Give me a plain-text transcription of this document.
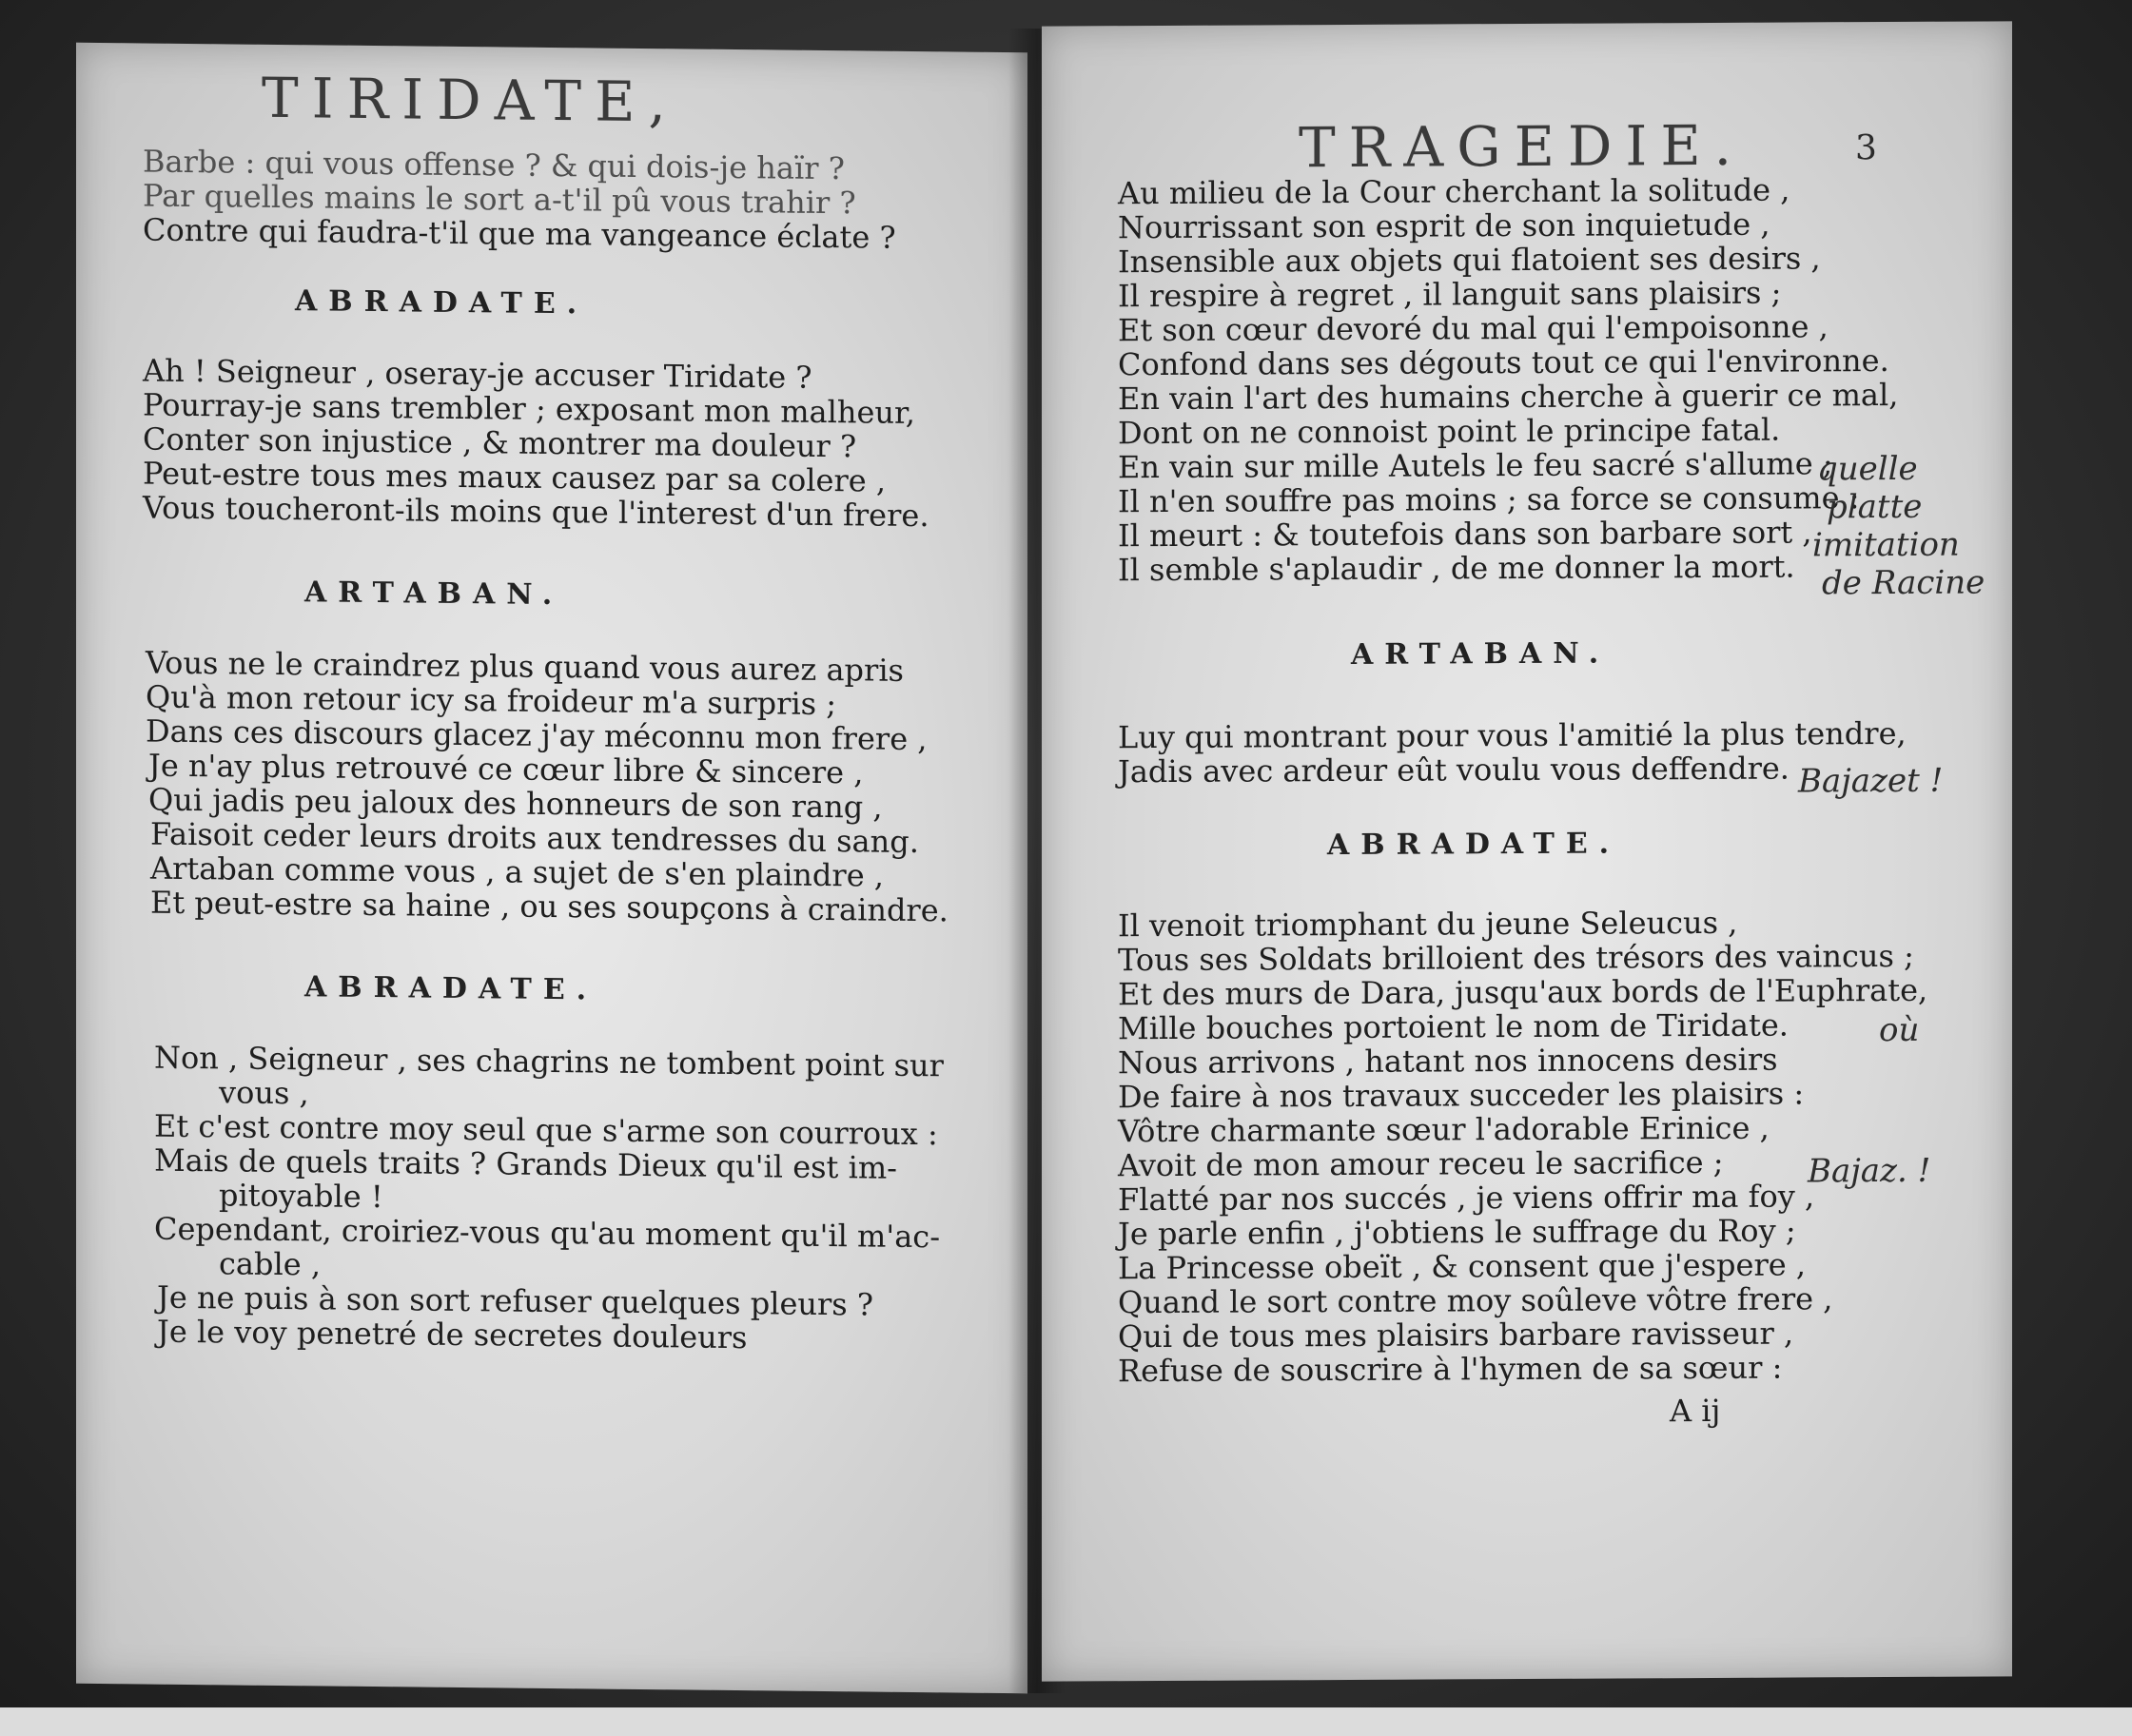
TIRIDATE,
Barbe : qui vous offense ? & qui dois-je haïr ?
Par quelles mains le sort a-t'il pû vous trahir ?
Contre qui faudra-t'il que ma vangeance éclate ?
ABRADATE.
Ah ! Seigneur , oseray-je accuser Tiridate ?
Pourray-je sans trembler ; exposant mon malheur,
Conter son injustice , & montrer ma douleur ?
Peut-estre tous mes maux causez par sa colere ,
Vous toucheront-ils moins que l'interest d'un frere.
ARTABAN.
Vous ne le craindrez plus quand vous aurez apris
Qu'à mon retour icy sa froideur m'a surpris ;
Dans ces discours glacez j'ay méconnu mon frere ,
Je n'ay plus retrouvé ce cœur libre & sincere ,
Qui jadis peu jaloux des honneurs de son rang ,
Faisoit ceder leurs droits aux tendresses du sang.
Artaban comme vous , a sujet de s'en plaindre ,
Et peut-estre sa haine , ou ses soupçons à craindre.
ABRADATE.
Non , Seigneur , ses chagrins ne tombent point sur
vous ,
Et c'est contre moy seul que s'arme son courroux :
Mais de quels traits ? Grands Dieux qu'il est im-
pitoyable !
Cependant, croiriez-vous qu'au moment qu'il m'ac-
cable ,
Je ne puis à son sort refuser quelques pleurs ?
Je le voy penetré de secretes douleurs
TRAGEDIE.	3
Au milieu de la Cour cherchant la solitude ,
Nourrissant son esprit de son inquietude ,
Insensible aux objets qui flatoient ses desirs ,
Il respire à regret , il languit sans plaisirs ;
Et son cœur devoré du mal qui l'empoisonne ,
Confond dans ses dégouts tout ce qui l'environne.
En vain l'art des humains cherche à guerir ce mal,
Dont on ne connoist point le principe fatal.
En vain sur mille Autels le feu sacré s'allume ;
Il n'en souffre pas moins ; sa force se consume :
Il meurt : & toutefois dans son barbare sort ,
Il semble s'aplaudir , de me donner la mort.
quelle
platte
imitation
de Racine
ARTABAN.
Luy qui montrant pour vous l'amitié la plus tendre,
Jadis avec ardeur eût voulu vous deffendre. Bajazet !
ABRADATE.
Il venoit triomphant du jeune Seleucus ,
Tous ses Soldats brilloient des trésors des vaincus ;
Et des murs de Dara, jusqu'aux bords de l'Euphrate,
Mille bouches portoient le nom de Tiridate.
Nous arrivons , hatant nos innocens desirs
De faire à nos travaux succeder les plaisirs :
Vôtre charmante sœur l'adorable Erinice ,
Avoit de mon amour receu le sacrifice ;
Flatté par nos succés , je viens offrir ma foy ,
Je parle enfin , j'obtiens le suffrage du Roy ;
La Princesse obeït , & consent que j'espere ,
Quand le sort contre moy soûleve vôtre frere ,
Qui de tous mes plaisirs barbare ravisseur ,
Refuse de souscrire à l'hymen de sa sœur :
où
Bajaz. !
A ij
